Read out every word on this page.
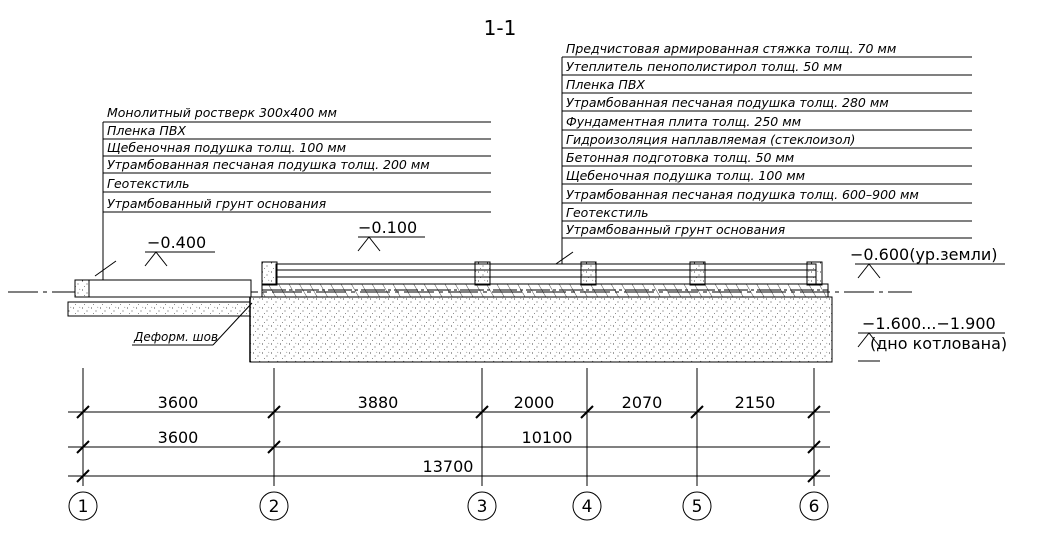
1-1
Монолитный ростверк 300х400 мм
Пленка ПВХ
Щебеночная подушка толщ. 100 мм
Утрамбованная песчаная подушка толщ. 200 мм
Геотекстиль
Утрамбованный грунт основания
Предчистовая армированная стяжка толщ. 70 мм
Утеплитель пенополистирол толщ. 50 мм
Пленка ПВХ
Утрамбованная песчаная подушка толщ. 280 мм
Фундаментная плита толщ. 250 мм
Гидроизоляция наплавляемая (стеклоизол)
Бетонная подготовка толщ. 50 мм
Щебеночная подушка толщ. 100 мм
Утрамбованная песчаная подушка толщ. 600–900 мм
Геотекстиль
Утрамбованный грунт основания
−0.400
−0.100
−0.600(ур.земли)
−1.600...−1.900
(дно котлована)
Деформ. шов
3600	3880	2000	2070	2150
3600	10100
13700
1	2	3	4	5	6
